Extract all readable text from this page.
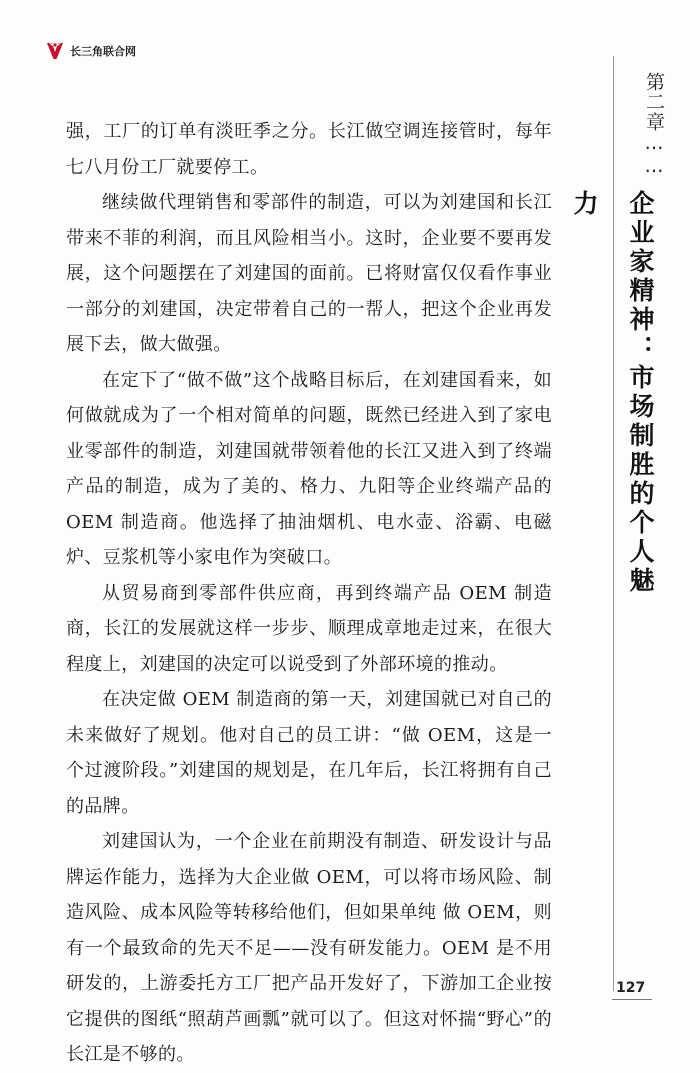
长三角联合网

强，工厂的订单有淡旺季之分。长江做空调连接管时，每年七八月份工厂就要停工。

继续做代理销售和零部件的制造，可以为刘建国和长江带来不菲的利润，而且风险相当小。这时，企业要不要再发展，这个问题摆在了刘建国的面前。已将财富仅仅看作事业一部分的刘建国，决定带着自己的一帮人，把这个企业再发展下去，做大做强。

在定下了“做不做”这个战略目标后，在刘建国看来，如何做就成为了一个相对简单的问题，既然已经进入到了家电业零部件的制造，刘建国就带领着他的长江又进入到了终端产品的制造，成为了美的、格力、九阳等企业终端产品的OEM 制造商。他选择了抽油烟机、电水壶、浴霸、电磁炉、豆浆机等小家电作为突破口。

从贸易商到零部件供应商，再到终端产品 OEM 制造商，长江的发展就这样一步步、顺理成章地走过来，在很大程度上，刘建国的决定可以说受到了外部环境的推动。

在决定做 OEM 制造商的第一天，刘建国就已对自己的未来做好了规划。他对自己的员工讲：“做 OEM，这是一个过渡阶段。”刘建国的规划是，在几年后，长江将拥有自己的品牌。

刘建国认为，一个企业在前期没有制造、研发设计与品牌运作能力，选择为大企业做 OEM，可以将市场风险、制造风险、成本风险等转移给他们，但如果单纯 做 OEM，则有一个最致命的先天不足——没有研发能力。OEM 是不用研发的，上游委托方工厂把产品开发好了，下游加工企业按它提供的图纸“照葫芦画瓢”就可以了。但这对怀揣“野心”的长江是不够的。

第二章……
企业家精神：市场制胜的个人魅力
127
